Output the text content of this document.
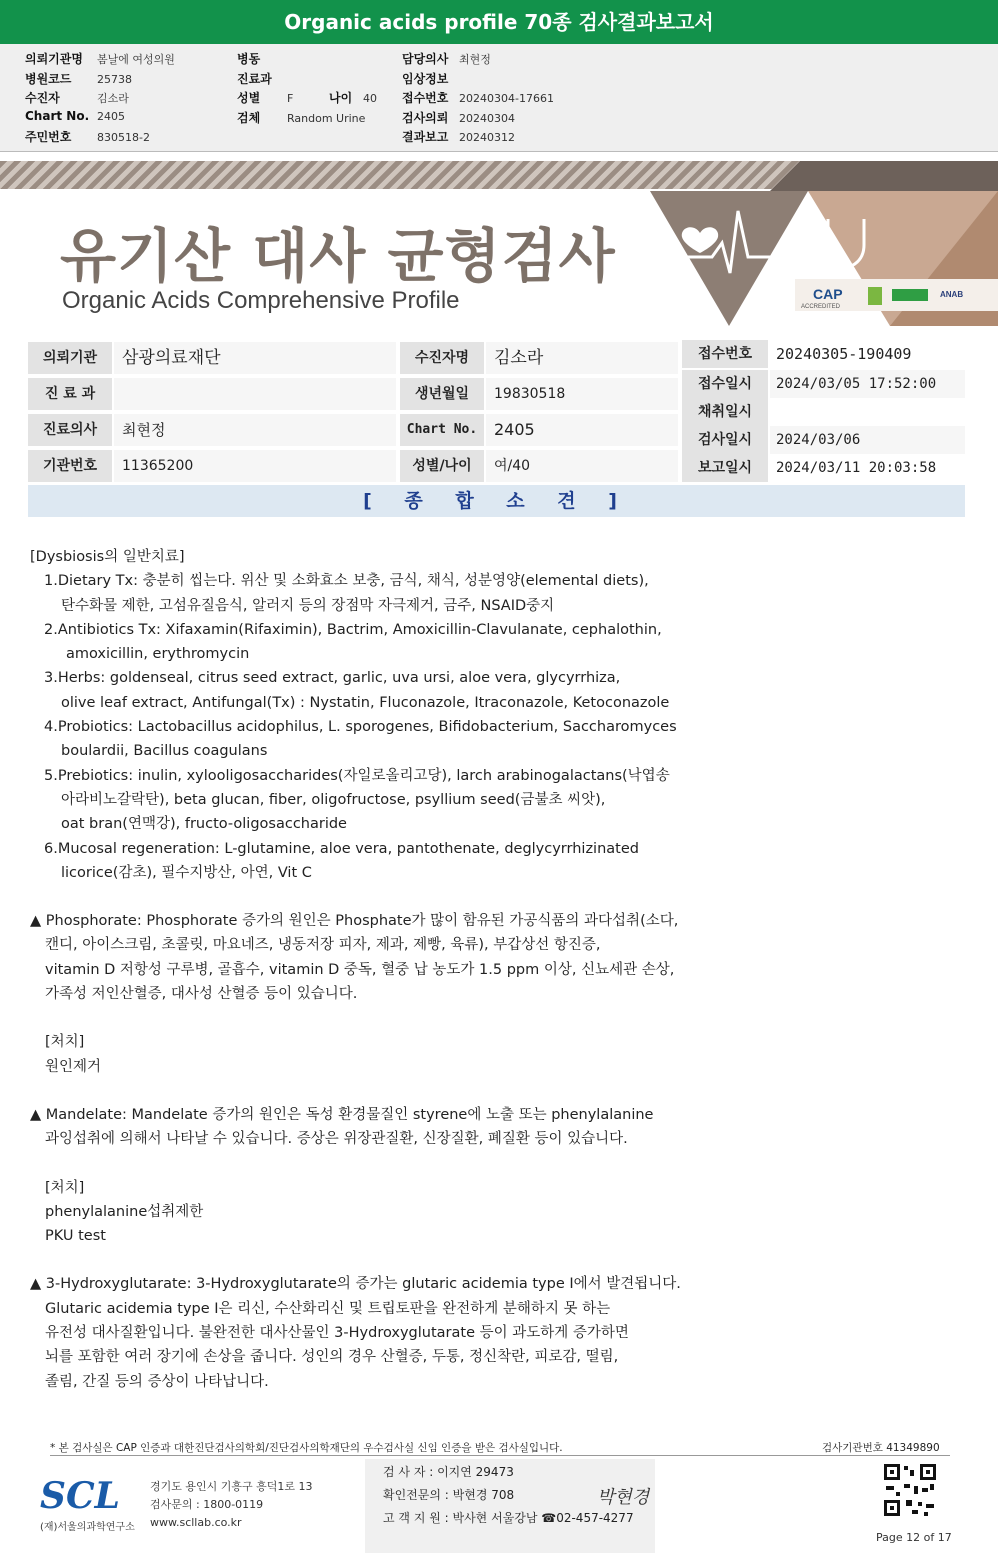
Organic acids profile 70종 검사결과보고서
의뢰기관명 봄날에 여성의원
병원코드 25738
수진자	김소라
Chart No. 2405
주민번호 830518-2
병동
진료과
성별 F	나이 40
검체 Random Urine
담당의사 최현정
임상정보
접수번호 20240304-17661
검사의뢰 20240304
결과보고 20240312
유기산 대사 균형검사
Organic Acids Comprehensive Profile	CAP
ACCREDITED
ANAB
의뢰기관	삼광의료재단
진 료 과
진료의사	최현정
기관번호	11365200
수진자명	김소라
생년월일	19830518
Chart No.	2405
성별/나이	여/40
접수번호	20240305-190409
접수일시	2024/03/05 17:52:00
채취일시
검사일시	2024/03/06
보고일시	2024/03/11 20:03:58
[ 종 합 소 견 ]
[Dysbiosis의 일반치료]
1.Dietary Tx: 충분히 씹는다. 위산 및 소화효소 보충, 금식, 채식, 성분영양(elemental diets),
탄수화물 제한, 고섬유질음식, 알러지 등의 장점막 자극제거, 금주, NSAID중지
2.Antibiotics Tx: Xifaxamin(Rifaximin), Bactrim, Amoxicillin-Clavulanate, cephalothin,
amoxicillin, erythromycin
3.Herbs: goldenseal, citrus seed extract, garlic, uva ursi, aloe vera, glycyrrhiza,
olive leaf extract, Antifungal(Tx) : Nystatin, Fluconazole, Itraconazole, Ketoconazole
4.Probiotics: Lactobacillus acidophilus, L. sporogenes, Bifidobacterium, Saccharomyces
boulardii, Bacillus coagulans
5.Prebiotics: inulin, xylooligosaccharides(자일로올리고당), larch arabinogalactans(낙엽송
아라비노갈락탄), beta glucan, fiber, oligofructose, psyllium seed(금불초 씨앗),
oat bran(연맥강), fructo-oligosaccharide
6.Mucosal regeneration: L-glutamine, aloe vera, pantothenate, deglycyrrhizinated
licorice(감초), 필수지방산, 아연, Vit C
▲ Phosphorate: Phosphorate 증가의 원인은 Phosphate가 많이 함유된 가공식품의 과다섭취(소다,
캔디, 아이스크림, 초콜릿, 마요네즈, 냉동저장 피자, 제과, 제빵, 육류), 부갑상선 항진증,
vitamin D 저항성 구루병, 골흡수, vitamin D 중독, 혈중 납 농도가 1.5 ppm 이상, 신뇨세관 손상,
가족성 저인산혈증, 대사성 산혈증 등이 있습니다.
[처치]
원인제거
▲ Mandelate: Mandelate 증가의 원인은 독성 환경물질인 styrene에 노출 또는 phenylalanine
과잉섭취에 의해서 나타날 수 있습니다. 증상은 위장관질환, 신장질환, 폐질환 등이 있습니다.
[처치]
phenylalanine섭취제한
PKU test
▲ 3-Hydroxyglutarate: 3-Hydroxyglutarate의 증가는 glutaric acidemia type I에서 발견됩니다.
Glutaric acidemia type I은 리신, 수산화리신 및 트립토판을 완전하게 분해하지 못 하는
유전성 대사질환입니다. 불완전한 대사산물인 3-Hydroxyglutarate 등이 과도하게 증가하면
뇌를 포함한 여러 장기에 손상을 줍니다. 성인의 경우 산혈증, 두통, 정신착란, 피로감, 떨림,
졸림, 간질 등의 증상이 나타납니다.
* 본 검사실은 CAP 인증과 대한진단검사의학회/진단검사의학재단의 우수검사실 신임 인증을 받은 검사실입니다.	검사기관번호 41349890
SCL
(재)서울의과학연구소
경기도 용인시 기흥구 흥덕1로 13
검사문의 : 1800-0119
www.scllab.co.kr
검 사 자 : 이지연 29473
확인전문의 : 박현경 708
고 객 지 원 : 박사현 서울강남 ☎02-457-4277
박현경
Page 12 of 17
